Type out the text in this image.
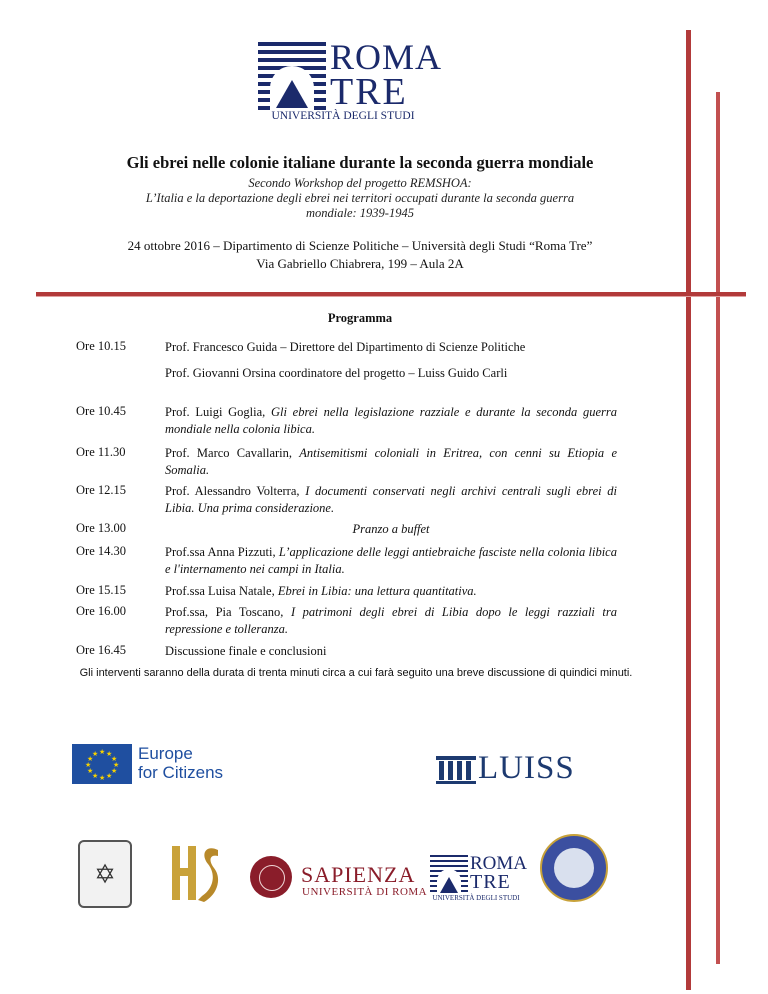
ROMA
TRE
UNIVERSITÀ DEGLI STUDI
Gli ebrei nelle colonie italiane durante la seconda guerra mondiale
Secondo Workshop del progetto REMSHOA:
L’Italia e la deportazione degli ebrei nei territori occupati durante la seconda guerra
mondiale: 1939-1945
24 ottobre 2016 – Dipartimento di Scienze Politiche – Università degli Studi “Roma Tre”
Via Gabriello Chiabrera, 199 – Aula 2A
Programma
Ore 10.15	Prof. Francesco Guida – Direttore del Dipartimento di Scienze Politiche
Prof. Giovanni Orsina coordinatore del progetto – Luiss Guido Carli
Ore 10.45	Prof. Luigi Goglia, Gli ebrei nella legislazione razziale e durante la seconda guerra mondiale nella colonia libica.
Ore 11.30	Prof. Marco Cavallarin, Antisemitismi coloniali in Eritrea, con cenni su Etiopia e Somalia.
Ore 12.15	Prof. Alessandro Volterra, I documenti conservati negli archivi centrali sugli ebrei di Libia. Una prima considerazione.
Ore 13.00	Pranzo a buffet
Ore 14.30	Prof.ssa Anna Pizzuti, L’applicazione delle leggi antiebraiche fasciste nella colonia libica e l'internamento nei campi in Italia.
Ore 15.15	Prof.ssa Luisa Natale, Ebrei in Libia: una lettura quantitativa.
Ore 16.00	Prof.ssa, Pia Toscano, I patrimoni degli ebrei di Libia dopo le leggi razziali tra repressione e tolleranza.
Ore 16.45	Discussione finale e conclusioni
Gli interventi saranno della durata di trenta minuti circa a cui farà seguito una breve discussione di quindici minuti.
★ ★
★
★
★
★
★
★
★
★
★
★ Europe
for Citizens	LUISS
✡	SAPIENZA
UNIVERSITÀ DI ROMA
ROMA
TRE
UNIVERSITÀ DEGLI STUDI
